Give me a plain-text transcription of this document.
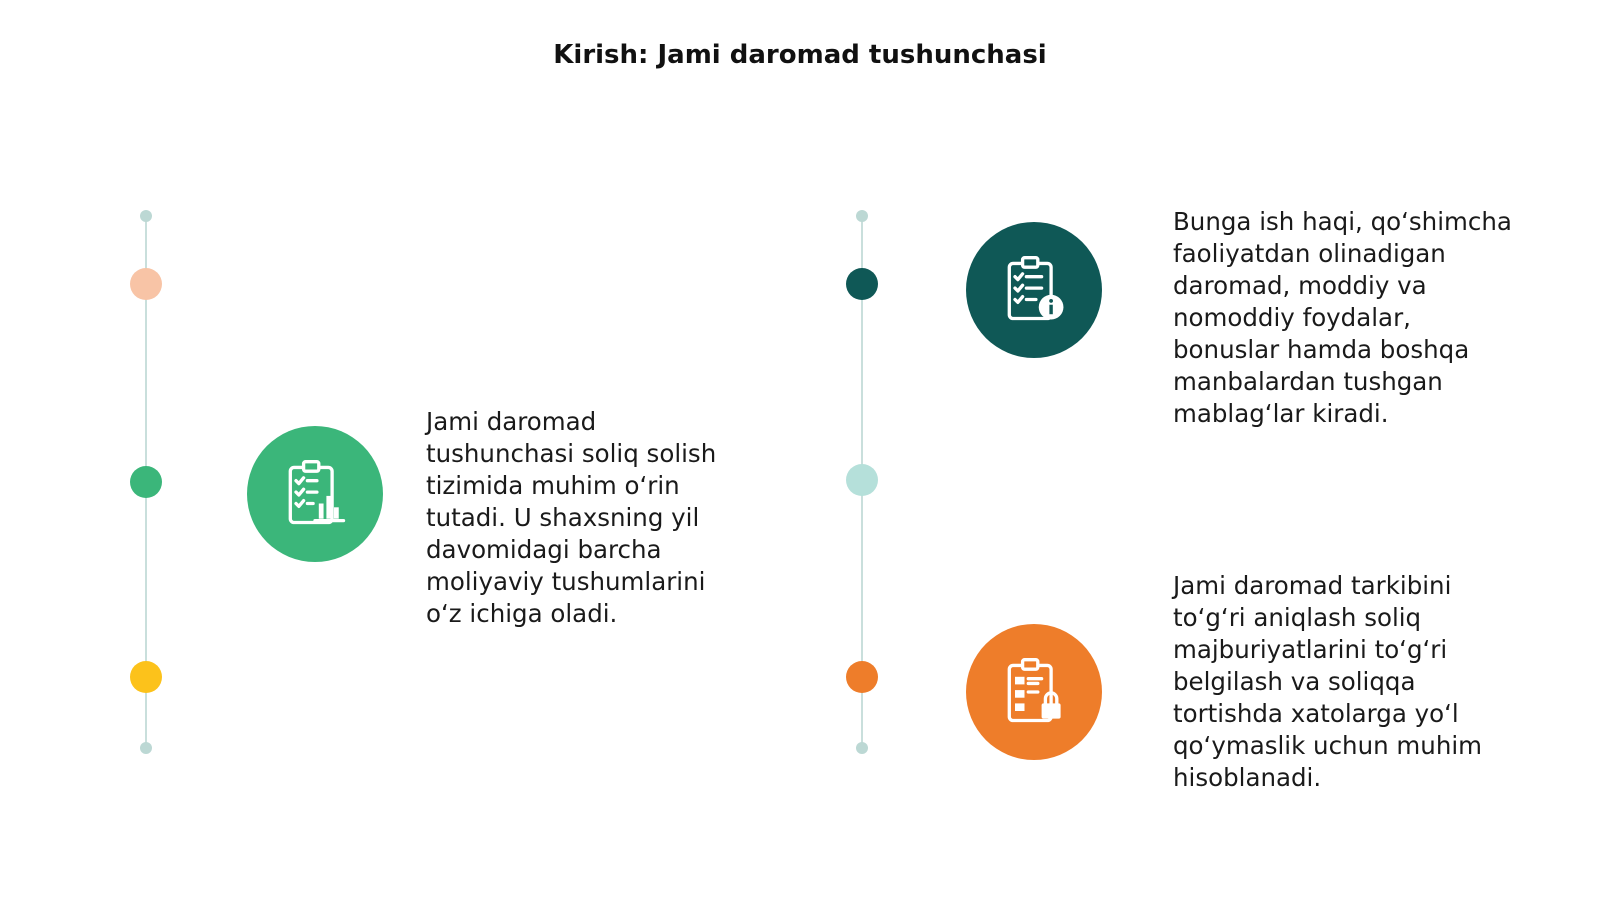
Kirish: Jami daromad tushunchasi
Jami daromad
tushunchasi soliq solish
tizimida muhim o‘rin
tutadi. U shaxsning yil
davomidagi barcha
moliyaviy tushumlarini
o‘z ichiga oladi.
Bunga ish haqi, qo‘shimcha
faoliyatdan olinadigan
daromad, moddiy va
nomoddiy foydalar,
bonuslar hamda boshqa
manbalardan tushgan
mablag‘lar kiradi.
Jami daromad tarkibini
to‘g‘ri aniqlash soliq
majburiyatlarini to‘g‘ri
belgilash va soliqqa
tortishda xatolarga yo‘l
qo‘ymaslik uchun muhim
hisoblanadi.
